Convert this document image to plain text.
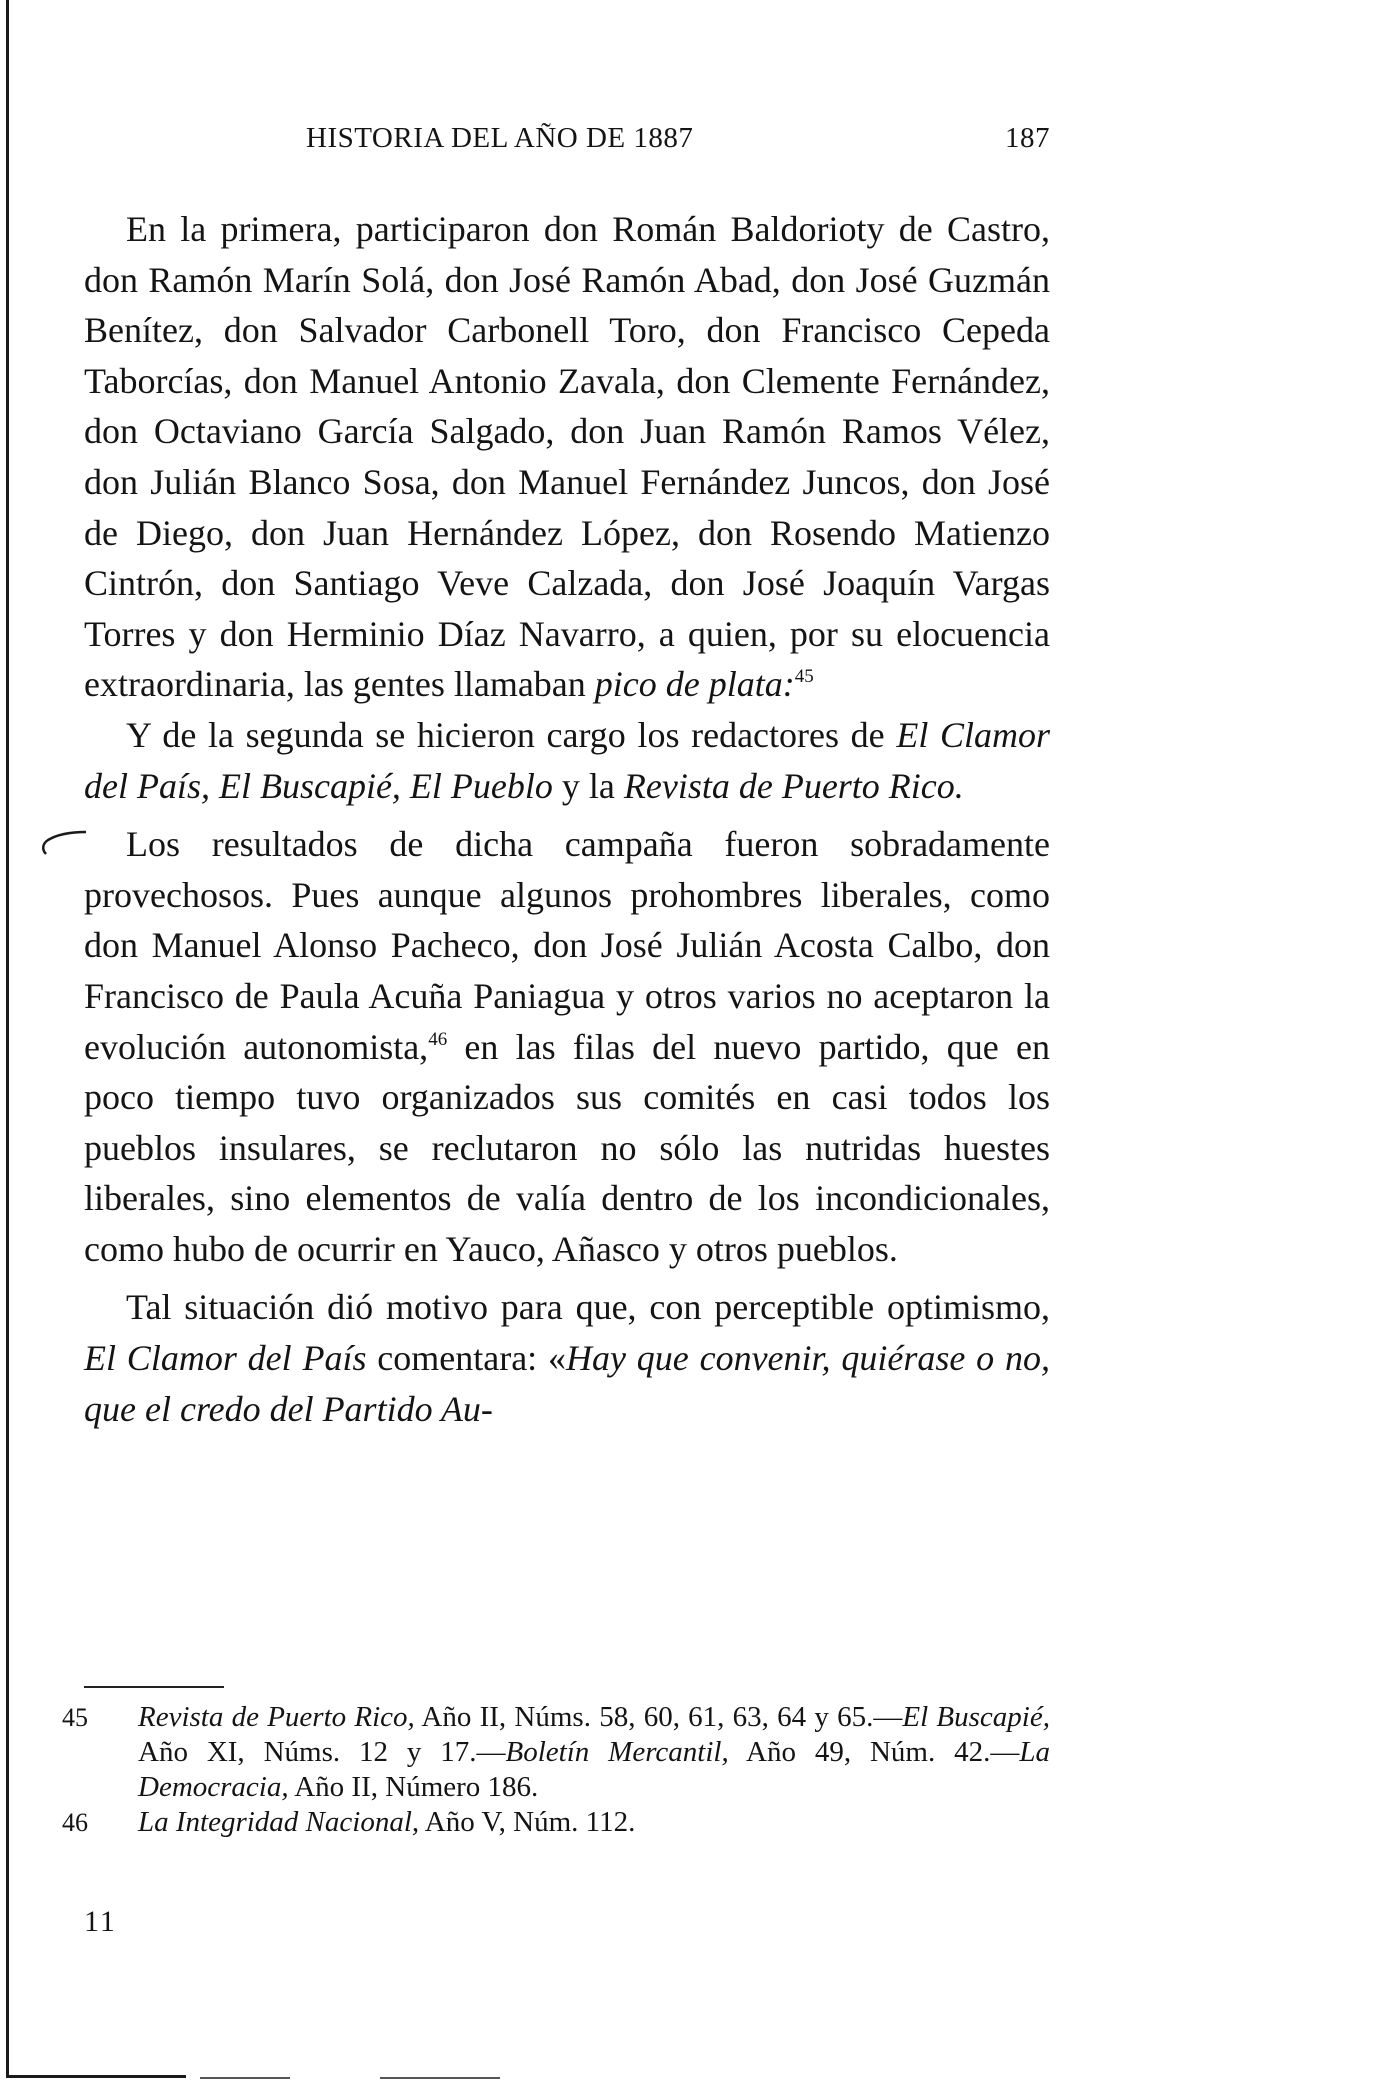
HISTORIA DEL AÑO DE 1887	187

En la primera, participaron don Román Baldorioty de Castro, don Ramón Marín Solá, don José Ramón Abad, don José Guzmán Benítez, don Salvador Carbonell Toro, don Francisco Cepeda Taborcías, don Manuel Antonio Zavala, don Clemente Fernández, don Octaviano García Salgado, don Juan Ramón Ramos Vélez, don Julián Blanco Sosa, don Manuel Fernández Juncos, don José de Diego, don Juan Hernández López, don Rosendo Matienzo Cintrón, don Santiago Veve Calzada, don José Joaquín Vargas Torres y don Herminio Díaz Navarro, a quien, por su elocuencia extraordinaria, las gentes llamaban pico de plata:$^{45}$

Y de la segunda se hicieron cargo los redactores de El Clamor del País, El Buscapié, El Pueblo y la Revista de Puerto Rico.

Los resultados de dicha campaña fueron sobradamente provechosos. Pues aunque algunos prohombres liberales, como don Manuel Alonso Pacheco, don José Julián Acosta Calbo, don Francisco de Paula Acuña Paniagua y otros varios no aceptaron la evolución autonomista,$^{46}$ en las filas del nuevo partido, que en poco tiempo tuvo organizados sus comités en casi todos los pueblos insulares, se reclutaron no sólo las nutridas huestes liberales, sino elementos de valía dentro de los incondicionales, como hubo de ocurrir en Yauco, Añasco y otros pueblos.

Tal situación dió motivo para que, con perceptible optimismo, El Clamor del País comentara: «Hay que convenir, quiérase o no, que el credo del Partido Au-

45 Revista de Puerto Rico, Año II, Núms. 58, 60, 61, 63, 64 y 65.—El Buscapié, Año XI, Núms. 12 y 17.—Boletín Mercantil, Año 49, Núm. 42.—La Democracia, Año II, Número 186.
46 La Integridad Nacional, Año V, Núm. 112.
11
